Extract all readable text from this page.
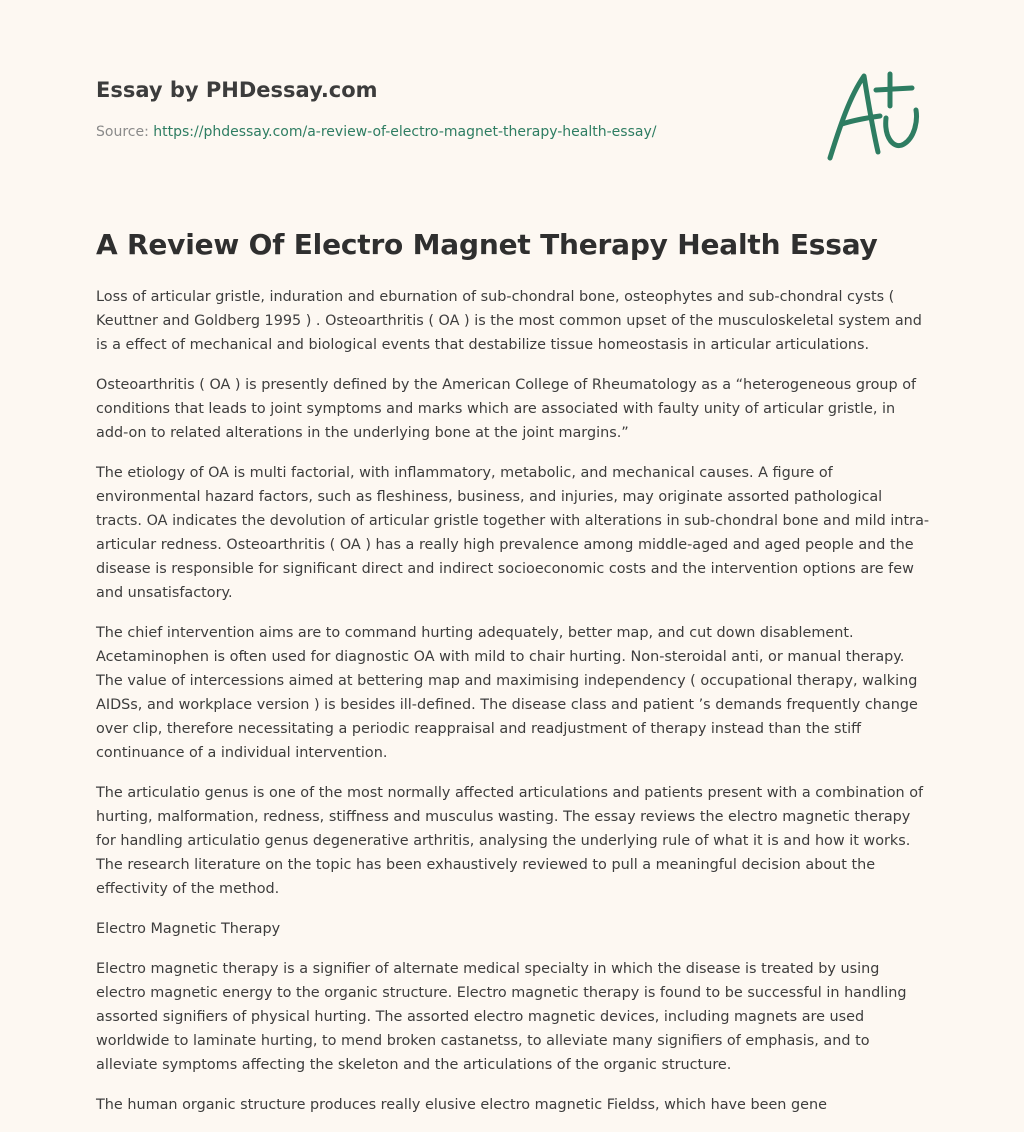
Essay by PHDessay.com

Source: https://phdessay.com/a-review-of-electro-magnet-therapy-health-essay/
A Review Of Electro Magnet Therapy Health Essay

Loss of articular gristle, induration and eburnation of sub-chondral bone, osteophytes and sub-chondral cysts ( Keuttner and Goldberg 1995 ) . Osteoarthritis ( OA ) is the most common upset of the musculoskeletal system and is a effect of mechanical and biological events that destabilize tissue homeostasis in articular articulations.

Osteoarthritis ( OA ) is presently defined by the American College of Rheumatology as a “heterogeneous group of conditions that leads to joint symptoms and marks which are associated with faulty unity of articular gristle, in add-on to related alterations in the underlying bone at the joint margins.”

The etiology of OA is multi factorial, with inflammatory, metabolic, and mechanical causes. A figure of environmental hazard factors, such as fleshiness, business, and injuries, may originate assorted pathological tracts. OA indicates the devolution of articular gristle together with alterations in sub-chondral bone and mild intra-articular redness. Osteoarthritis ( OA ) has a really high prevalence among middle-aged and aged people and the disease is responsible for significant direct and indirect socioeconomic costs and the intervention options are few and unsatisfactory.

The chief intervention aims are to command hurting adequately, better map, and cut down disablement. Acetaminophen is often used for diagnostic OA with mild to chair hurting. Non-steroidal anti, or manual therapy. The value of intercessions aimed at bettering map and maximising independency ( occupational therapy, walking AIDSs, and workplace version ) is besides ill-defined. The disease class and patient ’s demands frequently change over clip, therefore necessitating a periodic reappraisal and readjustment of therapy instead than the stiff continuance of a individual intervention.

The articulatio genus is one of the most normally affected articulations and patients present with a combination of hurting, malformation, redness, stiffness and musculus wasting. The essay reviews the electro magnetic therapy for handling articulatio genus degenerative arthritis, analysing the underlying rule of what it is and how it works. The research literature on the topic has been exhaustively reviewed to pull a meaningful decision about the effectivity of the method.

Electro Magnetic Therapy

Electro magnetic therapy is a signifier of alternate medical specialty in which the disease is treated by using electro magnetic energy to the organic structure. Electro magnetic therapy is found to be successful in handling assorted signifiers of physical hurting. The assorted electro magnetic devices, including magnets are used worldwide to laminate hurting, to mend broken castanetss, to alleviate many signifiers of emphasis, and to alleviate symptoms affecting the skeleton and the articulations of the organic structure.

The human organic structure produces really elusive electro magnetic Fieldss, which have been gene
